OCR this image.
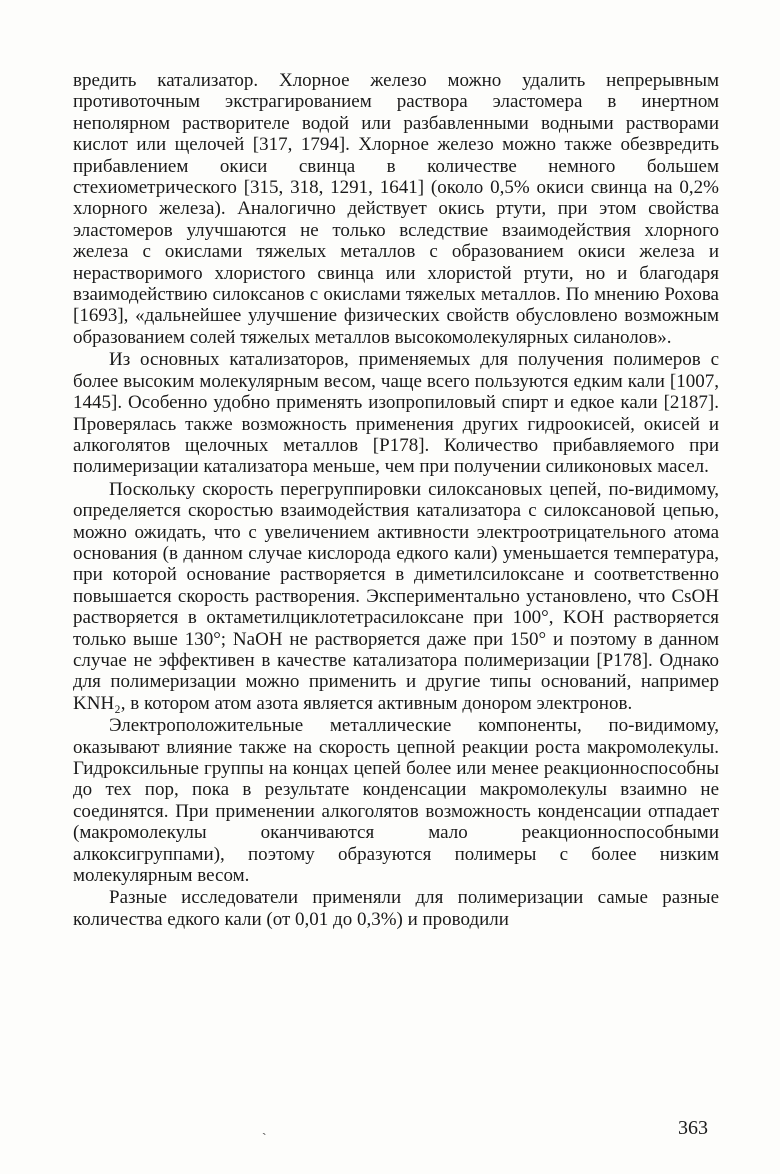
вредить катализатор. Хлорное железо можно удалить непрерывным противоточным экстрагированием раствора эластомера в инертном неполярном растворителе водой или разбавленными водными растворами кислот или щелочей [317, 1794]. Хлорное железо можно также обезвредить прибавлением окиси свинца в количестве немного большем стехиометрического [315, 318, 1291, 1641] (около 0,5% окиси свинца на 0,2% хлорного железа). Аналогично действует окись ртути, при этом свойства эластомеров улучшаются не только вследствие взаимодействия хлорного железа с окислами тяжелых металлов с образованием окиси железа и нерастворимого хлористого свинца или хлористой ртути, но и благодаря взаимодействию силоксанов с окислами тяжелых металлов. По мнению Рохова [1693], «дальнейшее улучшение физических свойств обусловлено возможным образованием солей тяжелых металлов высокомолекулярных силанолов».

Из основных катализаторов, применяемых для получения полимеров с более высоким молекулярным весом, чаще всего пользуются едким кали [1007, 1445]. Особенно удобно применять изопропиловый спирт и едкое кали [2187]. Проверялась также возможность применения других гидроокисей, окисей и алкоголятов щелочных металлов [P178]. Количество прибавляемого при полимеризации катализатора меньше, чем при получении силиконовых масел.

Поскольку скорость перегруппировки силоксановых цепей, по-видимому, определяется скоростью взаимодействия катализатора с силоксановой цепью, можно ожидать, что с увеличением активности электроотрицательного атома основания (в данном случае кислорода едкого кали) уменьшается температура, при которой основание растворяется в диметилсилоксане и соответственно повышается скорость растворения. Экспериментально установлено, что CsOH растворяется в октаметилциклотетрасилоксане при 100°, KOH растворяется только выше 130°; NaOH не растворяется даже при 150° и поэтому в данном случае не эффективен в качестве катализатора полимеризации [P178]. Однако для полимеризации можно применить и другие типы оснований, например KNH₂, в котором атом азота является активным донором электронов.

Электроположительные металлические компоненты, по-видимому, оказывают влияние также на скорость цепной реакции роста макромолекулы. Гидроксильные группы на концах цепей более или менее реакционноспособны до тех пор, пока в результате конденсации макромолекулы взаимно не соединятся. При применении алкоголятов возможность конденсации отпадает (макромолекулы оканчиваются мало реакционноспособными алкоксигруппами), поэтому образуются полимеры с более низким молекулярным весом.

Разные исследователи применяли для полимеризации самые разные количества едкого кали (от 0,01 до 0,3%) и проводили

`	363
